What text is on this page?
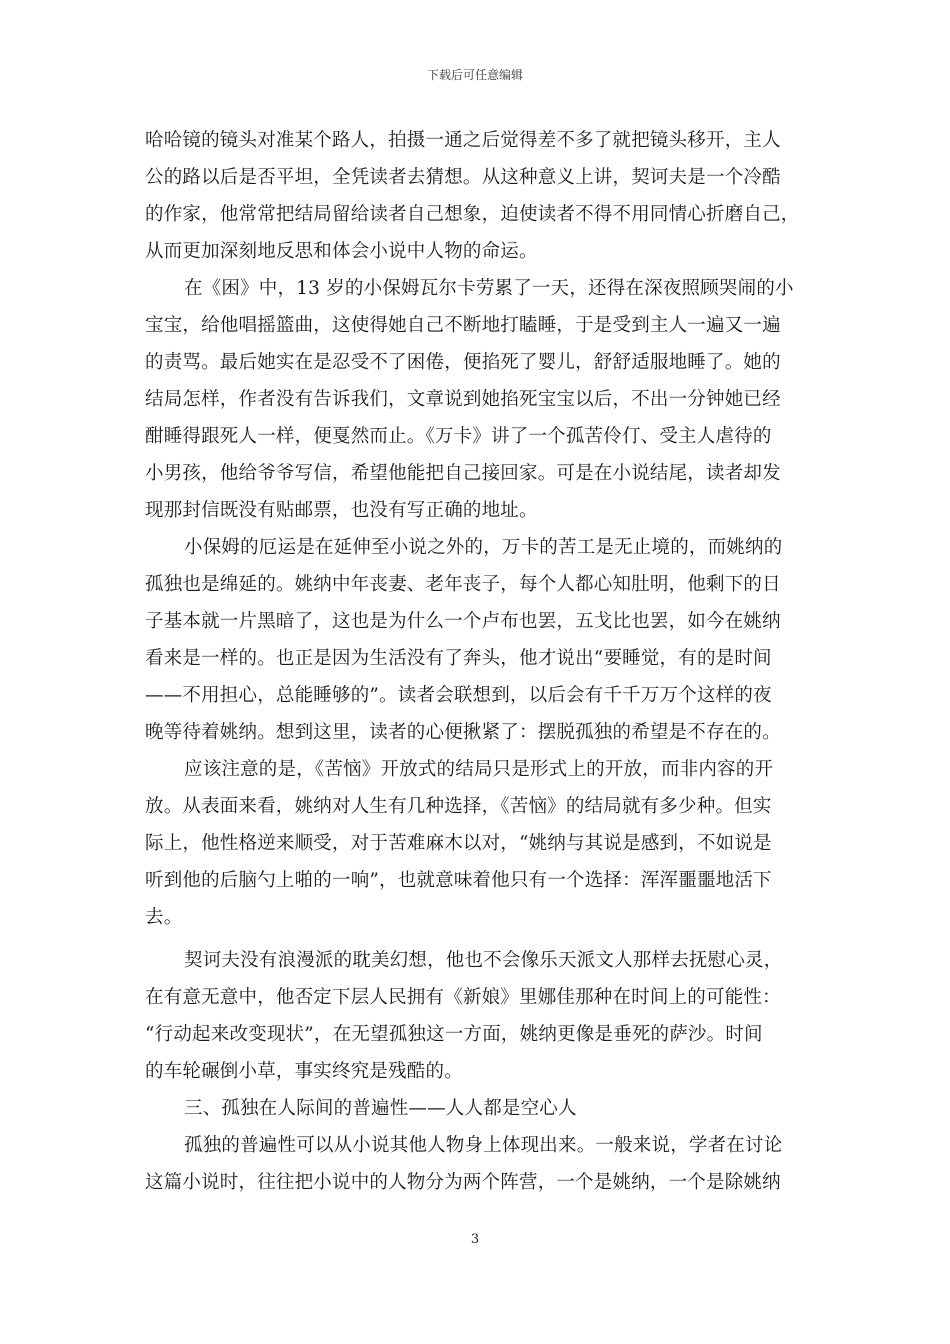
下载后可任意编辑
哈哈镜的镜头对准某个路人，拍摄一通之后觉得差不多了就把镜头移开，主人
公的路以后是否平坦，全凭读者去猜想。从这种意义上讲，契诃夫是一个冷酷
的作家，他常常把结局留给读者自己想象，迫使读者不得不用同情心折磨自己，
从而更加深刻地反思和体会小说中人物的命运。
在《困》中，13 岁的小保姆瓦尔卡劳累了一天，还得在深夜照顾哭闹的小
宝宝，给他唱摇篮曲，这使得她自己不断地打瞌睡，于是受到主人一遍又一遍
的责骂。最后她实在是忍受不了困倦，便掐死了婴儿，舒舒适服地睡了。她的
结局怎样，作者没有告诉我们，文章说到她掐死宝宝以后，不出一分钟她已经
酣睡得跟死人一样，便戛然而止。《万卡》讲了一个孤苦伶仃、受主人虐待的
小男孩，他给爷爷写信，希望他能把自己接回家。可是在小说结尾，读者却发
现那封信既没有贴邮票，也没有写正确的地址。
小保姆的厄运是在延伸至小说之外的，万卡的苦工是无止境的，而姚纳的
孤独也是绵延的。姚纳中年丧妻、老年丧子，每个人都心知肚明，他剩下的日
子基本就一片黑暗了，这也是为什么一个卢布也罢，五戈比也罢，如今在姚纳
看来是一样的。也正是因为生活没有了奔头，他才说出“要睡觉，有的是时间
——不用担心，总能睡够的”。读者会联想到，以后会有千千万万个这样的夜
晚等待着姚纳。想到这里，读者的心便揪紧了：摆脱孤独的希望是不存在的。
应该注意的是，《苦恼》开放式的结局只是形式上的开放，而非内容的开
放。从表面来看，姚纳对人生有几种选择，《苦恼》的结局就有多少种。但实
际上，他性格逆来顺受，对于苦难麻木以对，“姚纳与其说是感到，不如说是
听到他的后脑勺上啪的一响”，也就意味着他只有一个选择：浑浑噩噩地活下
去。
契诃夫没有浪漫派的耽美幻想，他也不会像乐天派文人那样去抚慰心灵，
在有意无意中，他否定下层人民拥有《新娘》里娜佳那种在时间上的可能性：
“行动起来改变现状”，在无望孤独这一方面，姚纳更像是垂死的萨沙。时间
的车轮碾倒小草，事实终究是残酷的。
三、孤独在人际间的普遍性——人人都是空心人
孤独的普遍性可以从小说其他人物身上体现出来。一般来说，学者在讨论
这篇小说时，往往把小说中的人物分为两个阵营，一个是姚纳，一个是除姚纳
3
